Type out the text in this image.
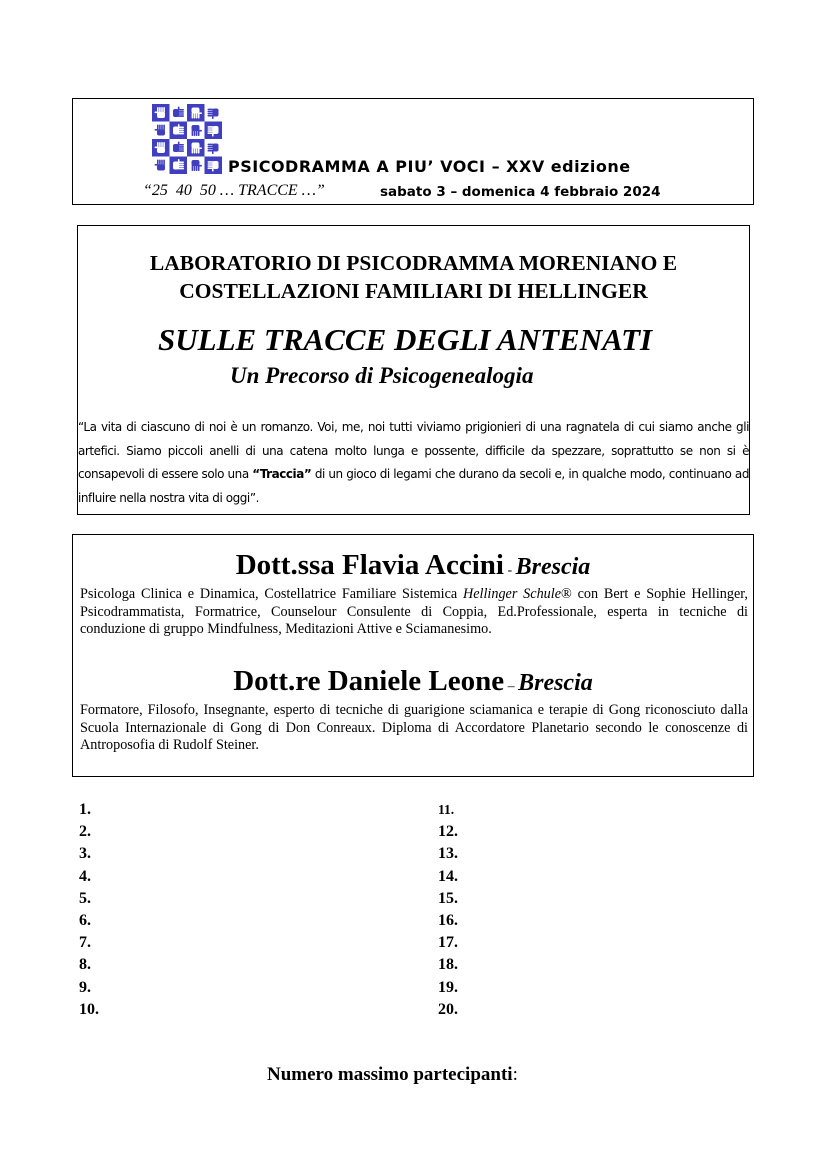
PSICODRAMMA A PIU’ VOCI – XXV edizione
“25  40  50 … TRACCE …”	sabato 3 – domenica 4 febbraio 2024
LABORATORIO DI PSICODRAMMA MORENIANO E
COSTELLAZIONI FAMILIARI DI HELLINGER
SULLE TRACCE DEGLI ANTENATI
Un Precorso di Psicogenealogia
“La vita di ciascuno di noi è un romanzo. Voi, me, noi tutti viviamo prigionieri di una ragnatela di cui siamo anche gli artefici. Siamo piccoli anelli di una catena molto lunga e possente, difficile da spezzare, soprattutto se non si è consapevoli di essere solo una “Traccia” di un gioco di legami che durano da secoli e, in qualche modo, continuano ad influire nella nostra vita di oggi”.
Dott.ssa Flavia Accini - Brescia
Psicologa Clinica e Dinamica, Costellatrice Familiare Sistemica Hellinger Schule® con Bert e Sophie Hellinger, Psicodrammatista, Formatrice, Counselour Consulente di Coppia, Ed.Professionale, esperta in tecniche di conduzione di gruppo Mindfulness, Meditazioni Attive e Sciamanesimo.
Dott.re Daniele Leone – Brescia
Formatore, Filosofo, Insegnante, esperto di tecniche di guarigione sciamanica e terapie di Gong riconosciuto dalla Scuola Internazionale di Gong di Don Conreaux. Diploma di Accordatore Planetario secondo le conoscenze di Antroposofia di Rudolf Steiner.
1.
2.
3.
4.
5.
6.
7.
8.
9.
10.
11.
12.
13.
14.
15.
16.
17.
18.
19.
20.
Numero massimo partecipanti:
